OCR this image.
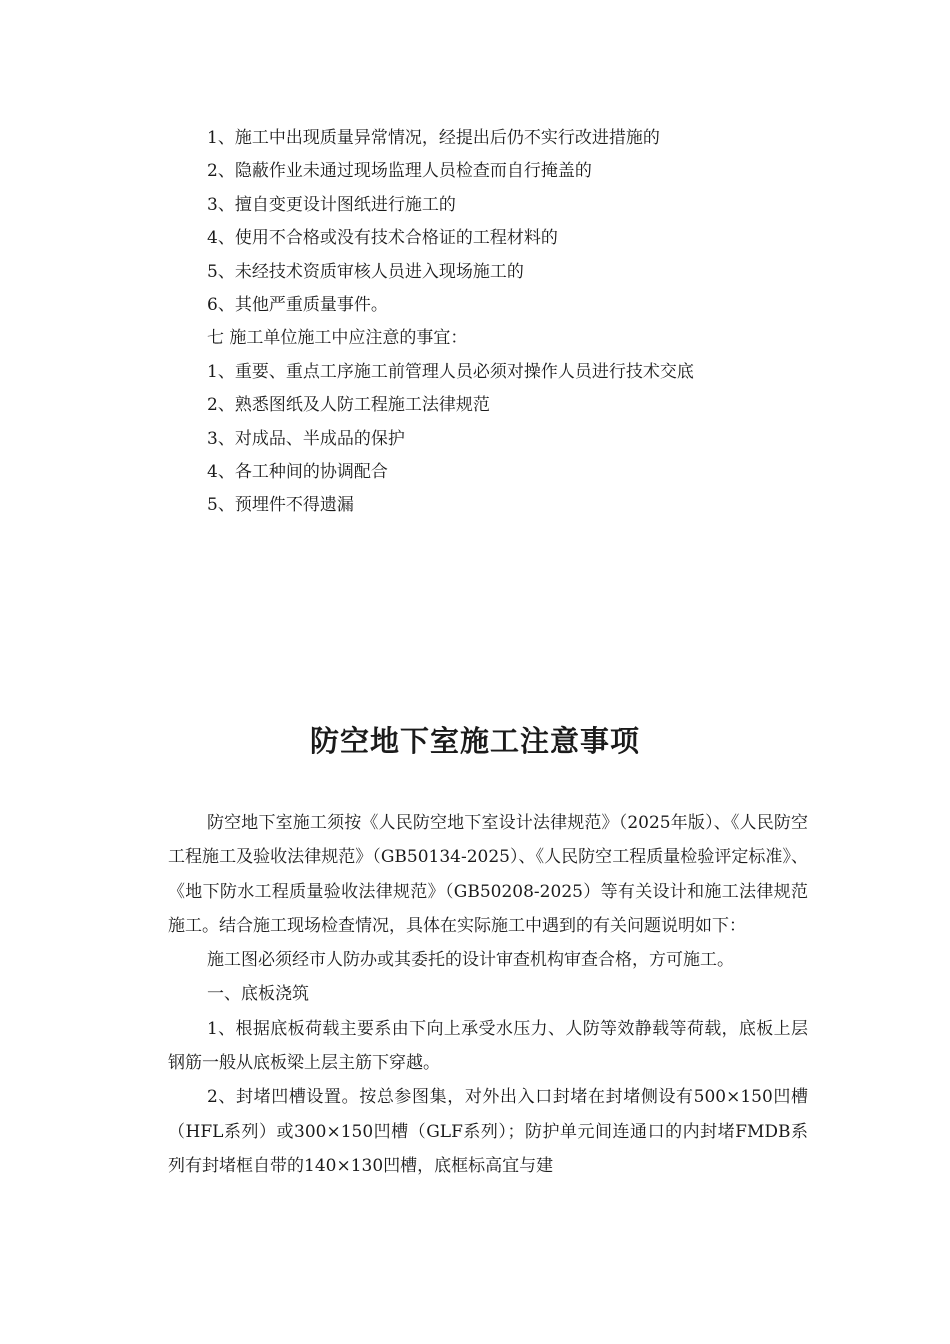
1、施工中出现质量异常情况，经提出后仍不实行改进措施的
2、隐蔽作业未通过现场监理人员检查而自行掩盖的
3、擅自变更设计图纸进行施工的
4、使用不合格或没有技术合格证的工程材料的
5、未经技术资质审核人员进入现场施工的
6、其他严重质量事件。
七 施工单位施工中应注意的事宜：
1、重要、重点工序施工前管理人员必须对操作人员进行技术交底
2、熟悉图纸及人防工程施工法律规范
3、对成品、半成品的保护
4、各工种间的协调配合
5、预埋件不得遗漏
防空地下室施工注意事项

防空地下室施工须按《人民防空地下室设计法律规范》（2025年版）、《人民防空工程施工及验收法律规范》（GB50134-2025）、《人民防空工程质量检验评定标准》、《地下防水工程质量验收法律规范》（GB50208-2025）等有关设计和施工法律规范施工。结合施工现场检查情况，具体在实际施工中遇到的有关问题说明如下：

施工图必须经市人防办或其委托的设计审查机构审查合格，方可施工。

一、底板浇筑

1、根据底板荷载主要系由下向上承受水压力、人防等效静载等荷载，底板上层钢筋一般从底板梁上层主筋下穿越。

2、封堵凹槽设置。按总参图集，对外出入口封堵在封堵侧设有500×150凹槽（HFL系列）或300×150凹槽（GLF系列）；防护单元间连通口的内封堵FMDB系列有封堵框自带的140×130凹槽，底框标高宜与建
